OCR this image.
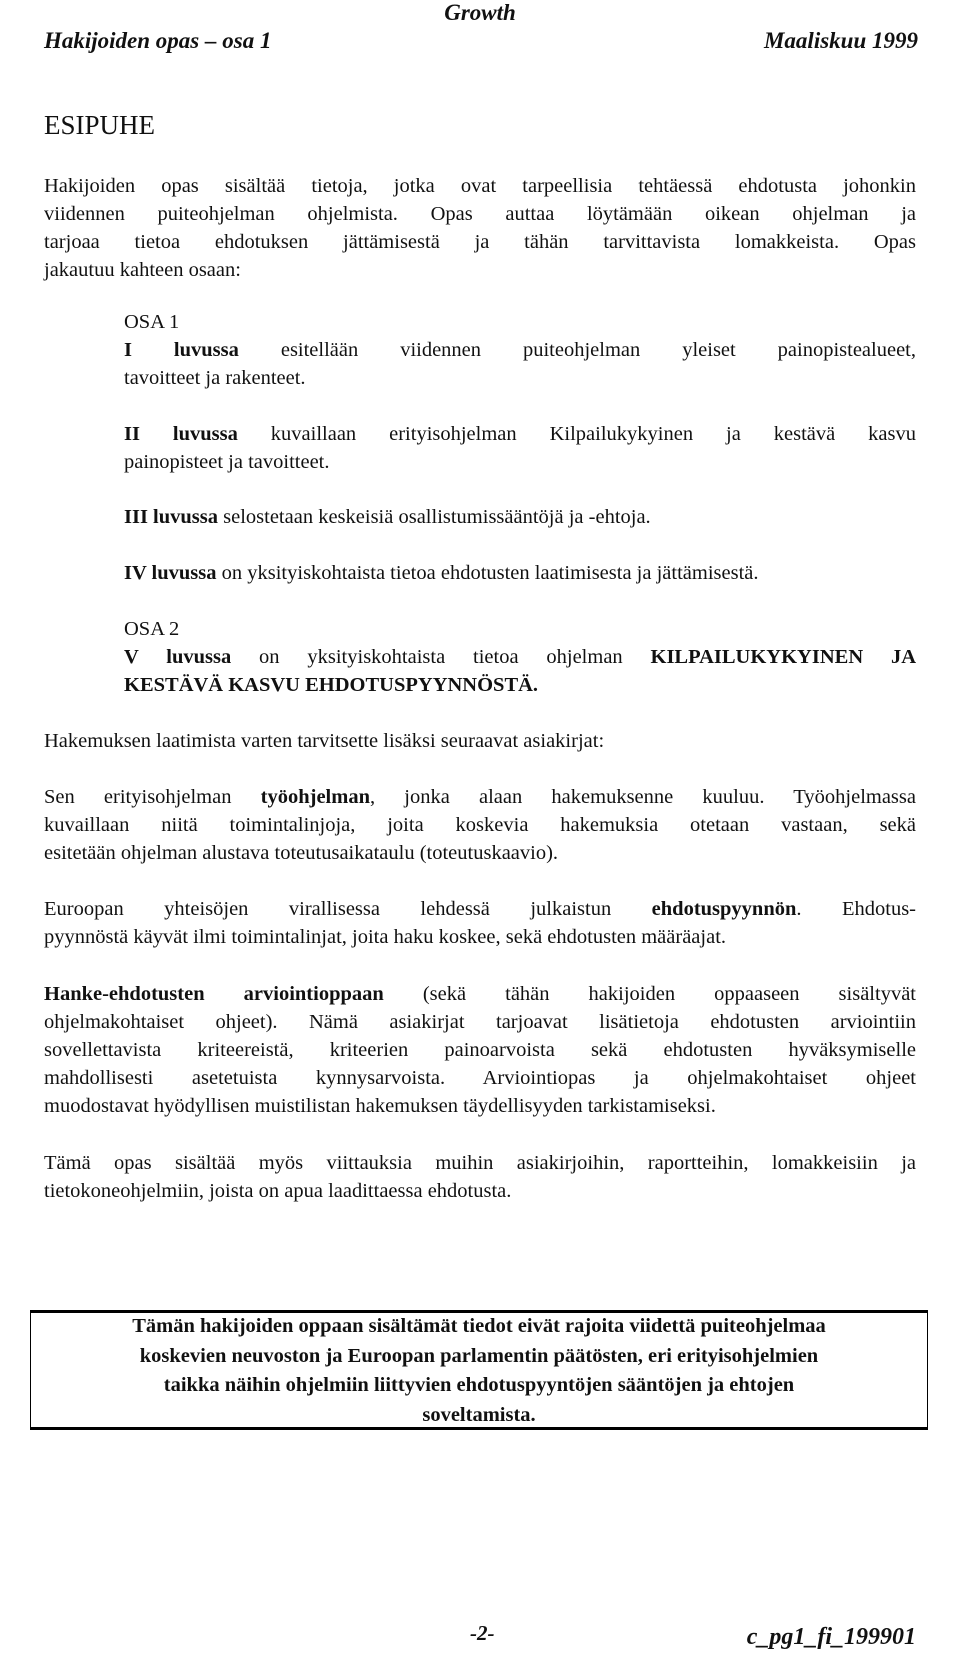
Growth
Hakijoiden opas – osa 1	Maaliskuu 1999
ESIPUHE
Hakijoiden opas sisältää tietoja, jotka ovat tarpeellisia tehtäessä ehdotusta johonkin
viidennen puiteohjelman ohjelmista. Opas auttaa löytämään oikean ohjelman ja
tarjoaa tietoa ehdotuksen jättämisestä ja tähän tarvittavista lomakkeista. Opas
jakautuu kahteen osaan:
OSA 1
I luvussa esitellään viidennen puiteohjelman yleiset painopistealueet,
tavoitteet ja rakenteet.
II luvussa kuvaillaan erityisohjelman Kilpailukykyinen ja kestävä kasvu
painopisteet ja tavoitteet.
III luvussa selostetaan keskeisiä osallistumissääntöjä ja -ehtoja.
IV luvussa on yksityiskohtaista tietoa ehdotusten laatimisesta ja jättämisestä.
OSA 2
V luvussa on yksityiskohtaista tietoa ohjelman KILPAILUKYKYINEN JA
KESTÄVÄ KASVU EHDOTUSPYYNNÖSTÄ.
Hakemuksen laatimista varten tarvitsette lisäksi seuraavat asiakirjat:
Sen erityisohjelman työohjelman, jonka alaan hakemuksenne kuuluu. Työohjelmassa
kuvaillaan niitä toimintalinjoja, joita koskevia hakemuksia otetaan vastaan, sekä
esitetään ohjelman alustava toteutusaikataulu (toteutuskaavio).
Euroopan yhteisöjen virallisessa lehdessä julkaistun ehdotuspyynnön. Ehdotus-
pyynnöstä käyvät ilmi toimintalinjat, joita haku koskee, sekä ehdotusten määräajat.
Hanke-ehdotusten arviointioppaan (sekä tähän hakijoiden oppaaseen sisältyvät
ohjelmakohtaiset ohjeet). Nämä asiakirjat tarjoavat lisätietoja ehdotusten arviointiin
sovellettavista kriteereistä, kriteerien painoarvoista sekä ehdotusten hyväksymiselle
mahdollisesti asetetuista kynnysarvoista. Arviointiopas ja ohjelmakohtaiset ohjeet
muodostavat hyödyllisen muistilistan hakemuksen täydellisyyden tarkistamiseksi.
Tämä opas sisältää myös viittauksia muihin asiakirjoihin, raportteihin, lomakkeisiin ja
tietokoneohjelmiin, joista on apua laadittaessa ehdotusta.
Tämän hakijoiden oppaan sisältämät tiedot eivät rajoita viidettä puiteohjelmaa
koskevien neuvoston ja Euroopan parlamentin päätösten, eri erityisohjelmien
taikka näihin ohjelmiin liittyvien ehdotuspyyntöjen sääntöjen ja ehtojen
soveltamista.
-2-	c_pg1_fi_199901
